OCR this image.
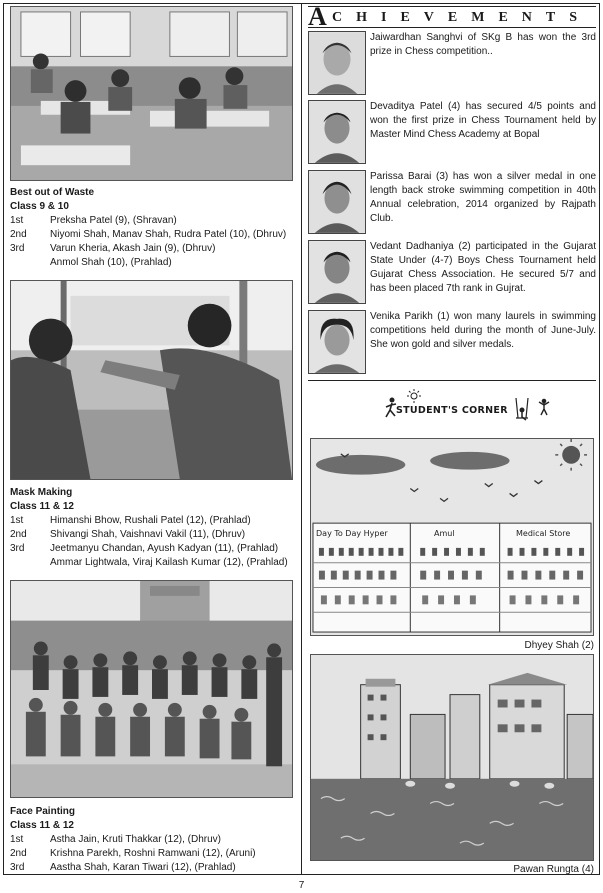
Best out of Waste
Class 9 & 10
1st	Preksha Patel (9), (Shravan)
2nd	Niyomi Shah, Manav Shah, Rudra Patel (10), (Dhruv)
3rd	Varun Kheria, Akash Jain (9), (Dhruv)
Anmol Shah (10), (Prahlad)
Mask Making
Class 11 & 12
1st	Himanshi Bhow, Rushali Patel (12), (Prahlad)
2nd	Shivangi Shah, Vaishnavi Vakil (11), (Dhruv)
3rd	Jeetmanyu Chandan, Ayush Kadyan (11), (Prahlad)
Ammar Lightwala, Viraj Kailash Kumar (12), (Prahlad)
Face Painting
Class 11 & 12
1st	Astha Jain, Kruti Thakkar (12), (Dhruv)
2nd	Krishna Parekh, Roshni Ramwani (12), (Aruni)
3rd	Aastha Shah, Karan Tiwari (12), (Prahlad)
A CHIEVEMENTS
Jaiwardhan Sanghvi of SKg B has won the 3rd prize in Chess competition..
Devaditya Patel (4) has secured 4/5 points and won the first prize in Chess Tournament held by Master Mind Chess Academy at Bopal
Parissa Barai (3) has won a silver medal in one length back stroke swimming competition in 40th Annual celebration, 2014 organized by Rajpath Club.
Vedant Dadhaniya (2) participated in the Gujarat State Under (4-7) Boys Chess Tournament held Gujarat Chess Association. He secured 5/7 and has been placed 7th rank in Gujrat.
Venika Parikh (1) won many laurels in swimming competitions held during the month of June-July. She won gold and silver medals.
STUDENT'S CORNER
Day To Day Hyper	Amul	Medical Store
Dhyey Shah (2)
Pawan Rungta (4)
7
